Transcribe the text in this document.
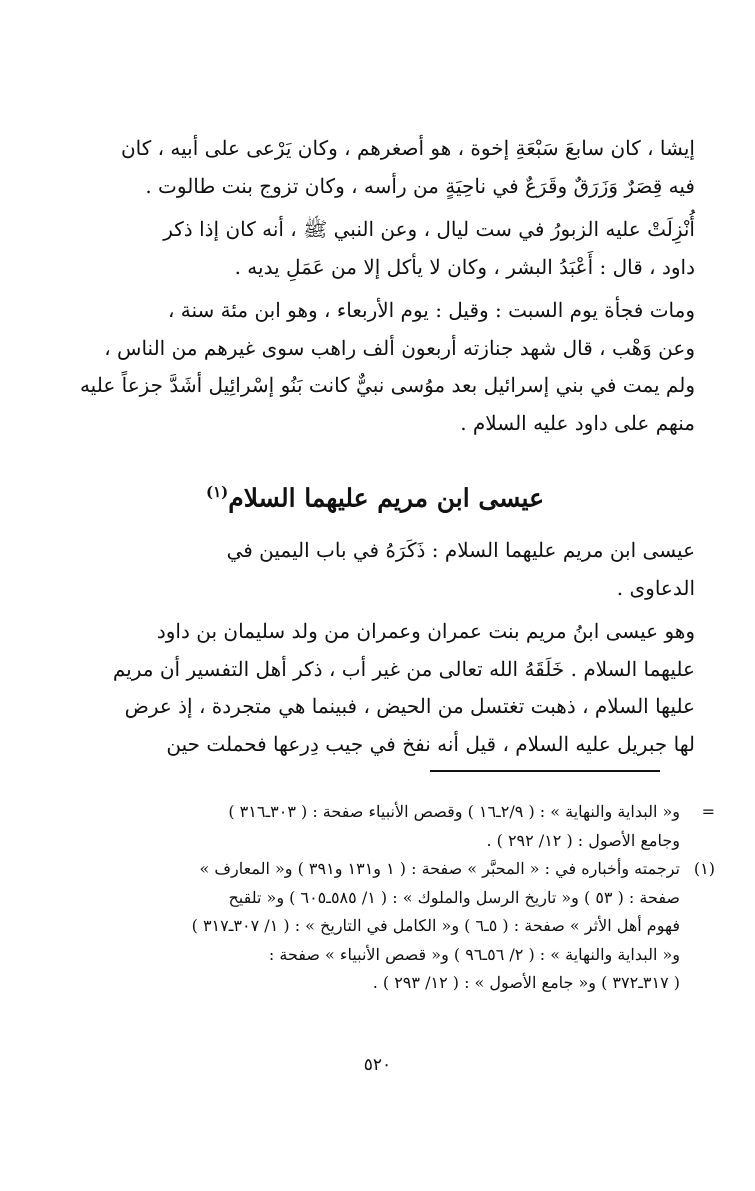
إيشا ، كان سابعَ سَبْعَةِ إخوة ، هو أصغرهم ، وكان يَرْعى على أبيه ، كان
فيه قِصَرٌ وَزَرَقٌ وقَرَعٌ في ناحِيَةٍ من رأسه ، وكان تزوج بنت طالوت .
أُنْزِلَتْ عليه الزبورُ في ست ليال ، وعن النبي ﷺ ، أنه كان إذا ذكر
داود ، قال : أَعْبَدُ البشر ، وكان لا يأكل إلا من عَمَلِ يديه .
ومات فجأة يوم السبت : وقيل : يوم الأربعاء ، وهو ابن مئة سنة ،
وعن وَهْب ، قال شهد جنازته أربعون ألف راهب سوى غيرهم من الناس ،
ولم يمت في بني إسرائيل بعد موُسى نبيٌّ كانت بَنُو إسْرائِيل أشَدَّ جزعاً عليه
منهم على داود عليه السلام .
عيسى ابن مريم عليهما السلام$^{(١)}$
عيسى ابن مريم عليهما السلام : ذَكَرَهُ في باب اليمين في
الدعاوى .
وهو عيسى ابنُ مريم بنت عمران وعمران من ولد سليمان بن داود
عليهما السلام . خَلَقَهُ الله تعالى من غير أب ، ذكر أهل التفسير أن مريم
عليها السلام ، ذهبت تغتسل من الحيض ، فبينما هي متجردة ، إذ عرض
لها جبريل عليه السلام ، قيل أنه نفخ في جيب دِرعها فحملت حين
=
و« البداية والنهاية » : ( ٢/٩ـ١٦ ) وقصص الأنبياء صفحة : ( ٣٠٣ـ٣١٦ )
وجامع الأصول : ( ١٢/ ٢٩٢ ) .
(١)
ترجمته وأخباره في : « المحبَّر » صفحة : ( ١ و١٣١ و٣٩١ ) و« المعارف »
صفحة : ( ٥٣ ) و« تاريخ الرسل والملوك » : ( ١/ ٥٨٥ـ٦٠٥ ) و« تلقيح
فهوم أهل الأثر » صفحة : ( ٥ـ٦ ) و« الكامل في التاريخ » : ( ١/ ٣٠٧ـ٣١٧ )
و« البداية والنهاية » : ( ٢/ ٥٦ـ٩٦ ) و« قصص الأنبياء » صفحة :
( ٣١٧ـ٣٧٢ ) و« جامع الأصول » : ( ١٢/ ٢٩٣ ) .
٥٢٠
